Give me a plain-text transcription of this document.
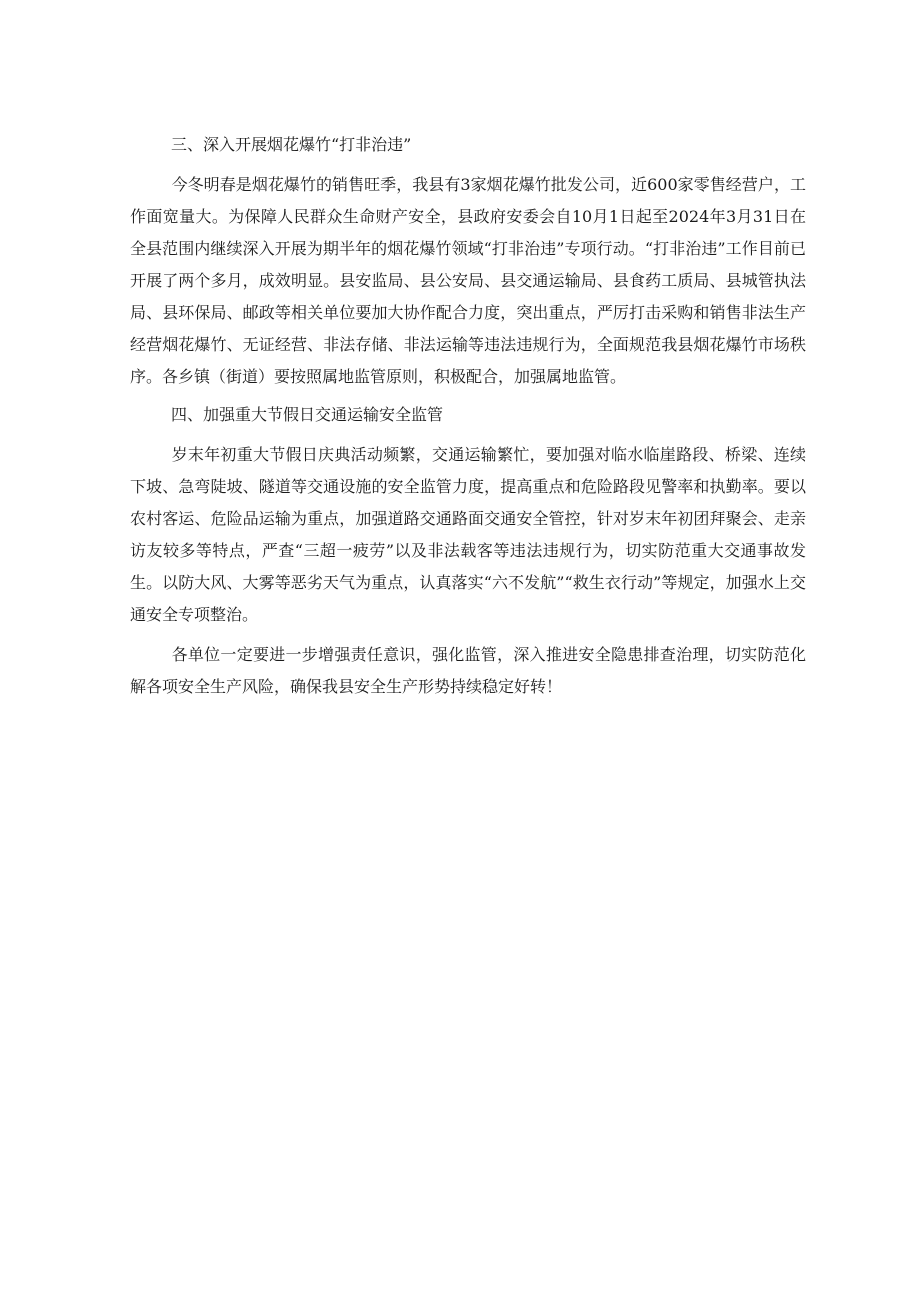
三、深入开展烟花爆竹“打非治违”

今冬明春是烟花爆竹的销售旺季，我县有3家烟花爆竹批发公司，近600家零售经营户，工作面宽量大。为保障人民群众生命财产安全，县政府安委会自10月1日起至2024年3月31日在全县范围内继续深入开展为期半年的烟花爆竹领域“打非治违”专项行动。“打非治违”工作目前已开展了两个多月，成效明显。县安监局、县公安局、县交通运输局、县食药工质局、县城管执法局、县环保局、邮政等相关单位要加大协作配合力度，突出重点，严厉打击采购和销售非法生产经营烟花爆竹、无证经营、非法存储、非法运输等违法违规行为，全面规范我县烟花爆竹市场秩序。各乡镇（街道）要按照属地监管原则，积极配合，加强属地监管。

四、加强重大节假日交通运输安全监管

岁末年初重大节假日庆典活动频繁，交通运输繁忙，要加强对临水临崖路段、桥梁、连续下坡、急弯陡坡、隧道等交通设施的安全监管力度，提高重点和危险路段见警率和执勤率。要以农村客运、危险品运输为重点，加强道路交通路面交通安全管控，针对岁末年初团拜聚会、走亲访友较多等特点，严查“三超一疲劳”以及非法载客等违法违规行为，切实防范重大交通事故发生。以防大风、大雾等恶劣天气为重点，认真落实“六不发航”“救生衣行动”等规定，加强水上交通安全专项整治。

各单位一定要进一步增强责任意识，强化监管，深入推进安全隐患排查治理，切实防范化解各项安全生产风险，确保我县安全生产形势持续稳定好转！
